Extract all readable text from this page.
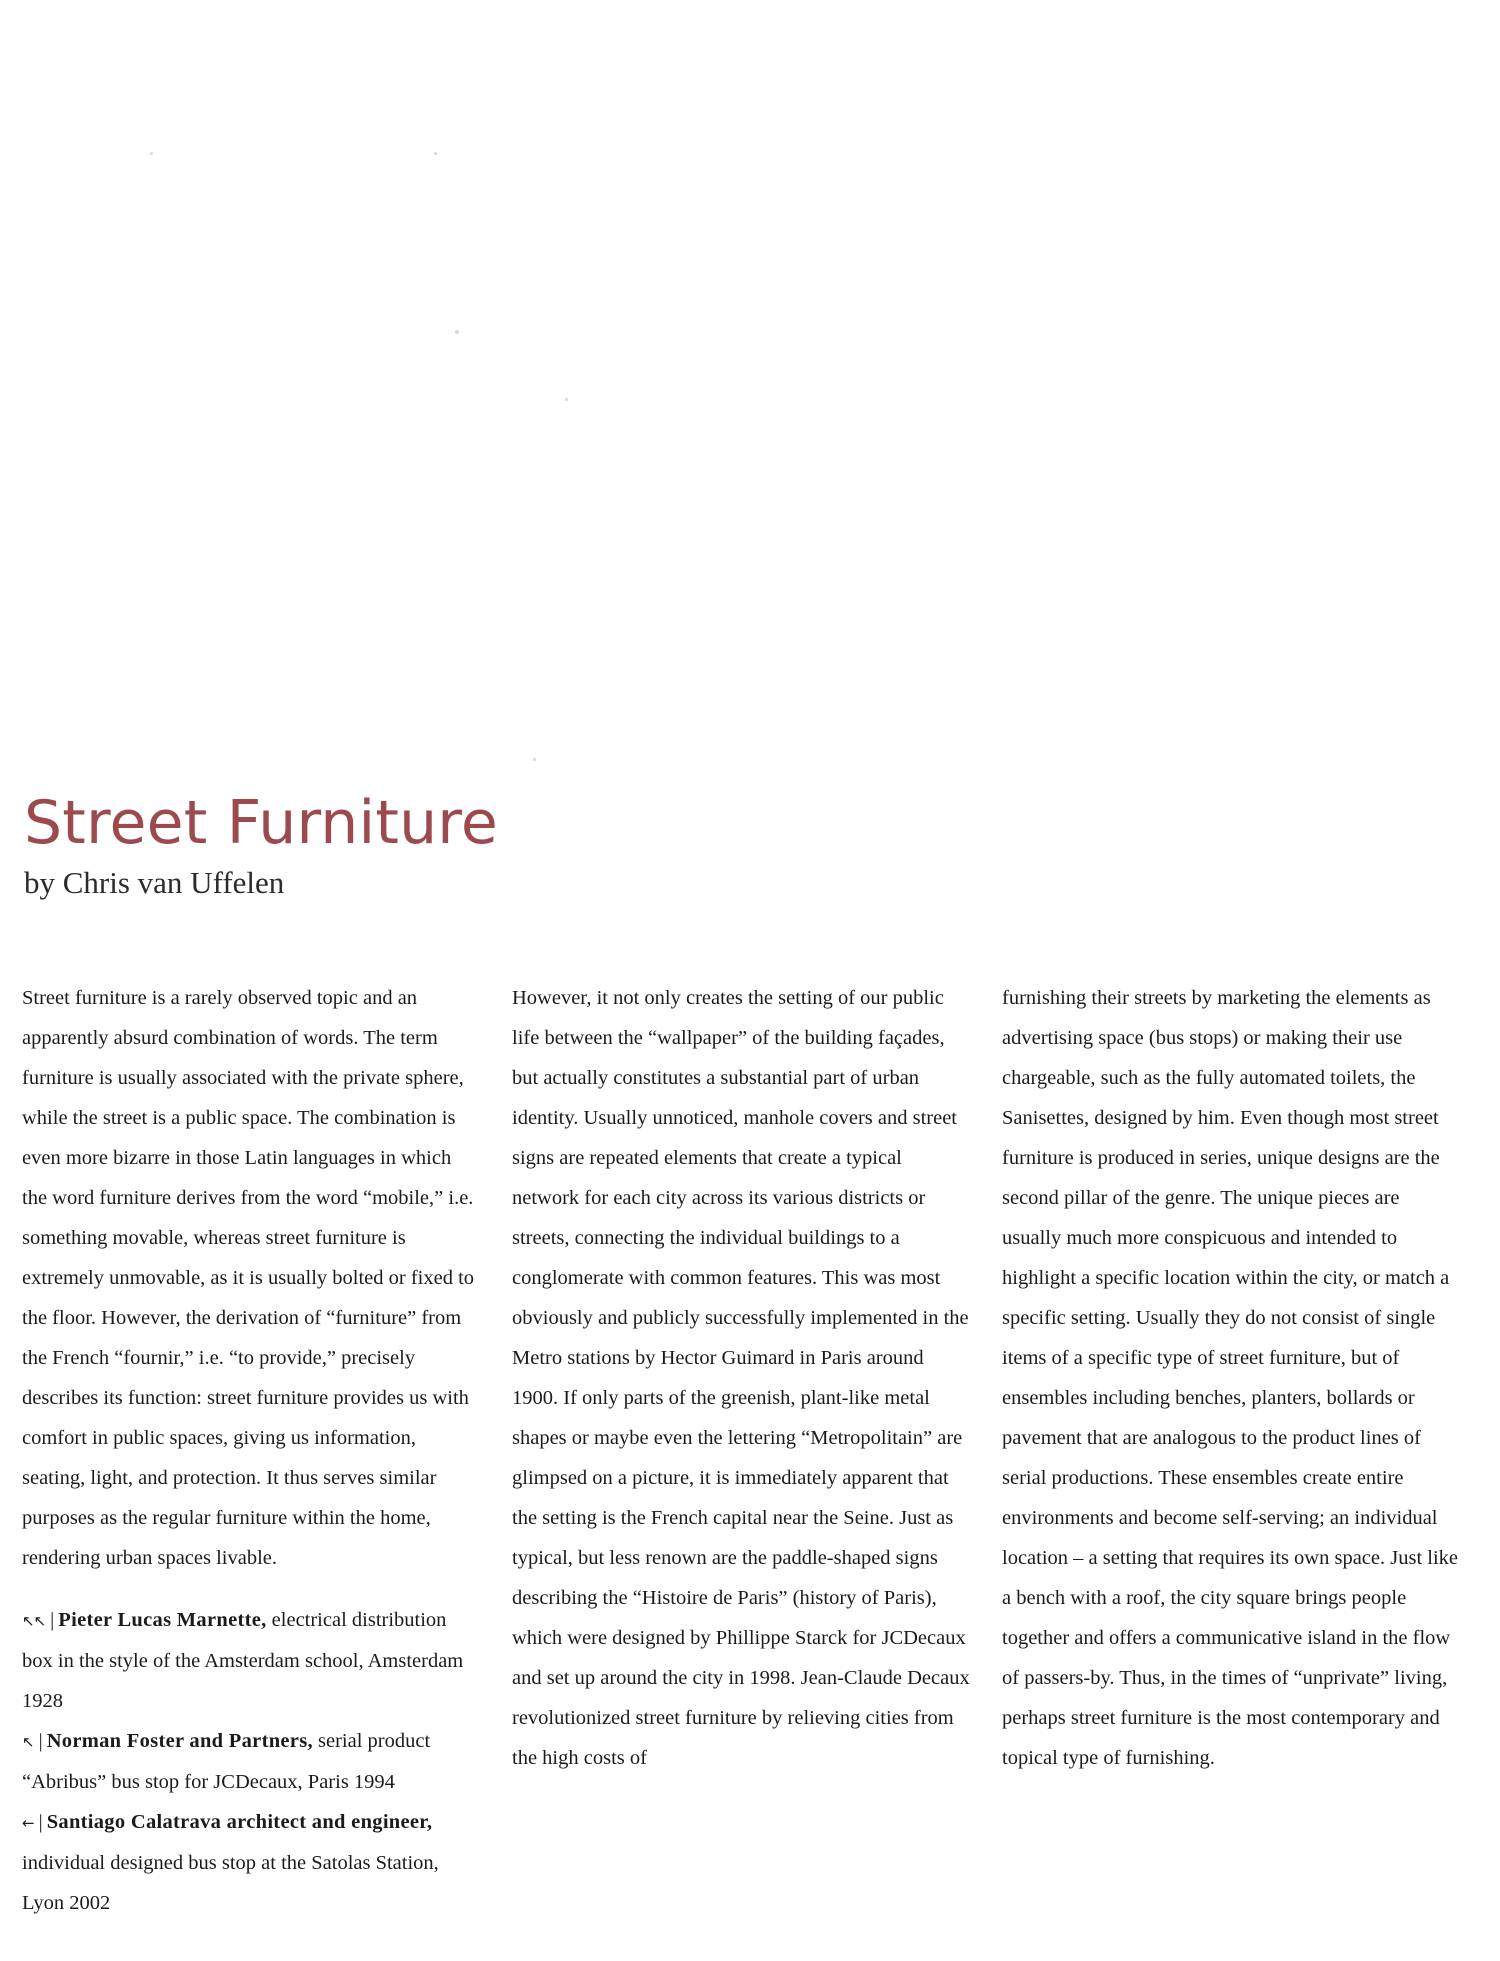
Street Furniture

by Chris van Uffelen

Street furniture is a rarely observed topic and an apparently absurd combination of words. The term furniture is usually associated with the private sphere, while the street is a public space. The combination is even more bizarre in those Latin languages in which the word furniture derives from the word “mobile,” i.e. something movable, whereas street furniture is extremely unmovable, as it is usually bolted or fixed to the floor. However, the derivation of “furniture” from the French “fournir,” i.e. “to provide,” precisely describes its function: street furniture provides us with comfort in public spaces, giving us information, seating, light, and protection. It thus serves similar purposes as the regular furniture within the home, rendering urban spaces livable.

↖↖ | Pieter Lucas Marnette, electrical distribution box in the style of the Amsterdam school, Amsterdam 1928

↖ | Norman Foster and Partners, serial product “Abribus” bus stop for JCDecaux, Paris 1994

← | Santiago Calatrava architect and engineer, individual designed bus stop at the Satolas Station, Lyon 2002

However, it not only creates the setting of our public life between the “wallpaper” of the building façades, but actually constitutes a substantial part of urban identity. Usually unnoticed, manhole covers and street signs are repeated elements that create a typical network for each city across its various districts or streets, connecting the individual buildings to a conglomerate with common features. This was most obviously and publicly successfully implemented in the Metro stations by Hector Guimard in Paris around 1900. If only parts of the greenish, plant-like metal shapes or maybe even the lettering “Metropolitain” are glimpsed on a picture, it is immediately apparent that the setting is the French capital near the Seine. Just as typical, but less renown are the paddle-shaped signs describing the “Histoire de Paris” (history of Paris), which were designed by Phillippe Starck for JCDecaux and set up around the city in 1998. Jean-Claude Decaux revolutionized street furniture by relieving cities from the high costs of

furnishing their streets by marketing the elements as advertising space (bus stops) or making their use chargeable, such as the fully automated toilets, the Sanisettes, designed by him. Even though most street furniture is produced in series, unique designs are the second pillar of the genre. The unique pieces are usually much more conspicuous and intended to highlight a specific location within the city, or match a specific setting. Usually they do not consist of single items of a specific type of street furniture, but of ensembles including benches, planters, bollards or pavement that are analogous to the product lines of serial productions. These ensembles create entire environments and become self-serving; an individual location – a setting that requires its own space. Just like a bench with a roof, the city square brings people together and offers a communicative island in the flow of passers-by. Thus, in the times of “unprivate” living, perhaps street furniture is the most contemporary and topical type of furnishing.
